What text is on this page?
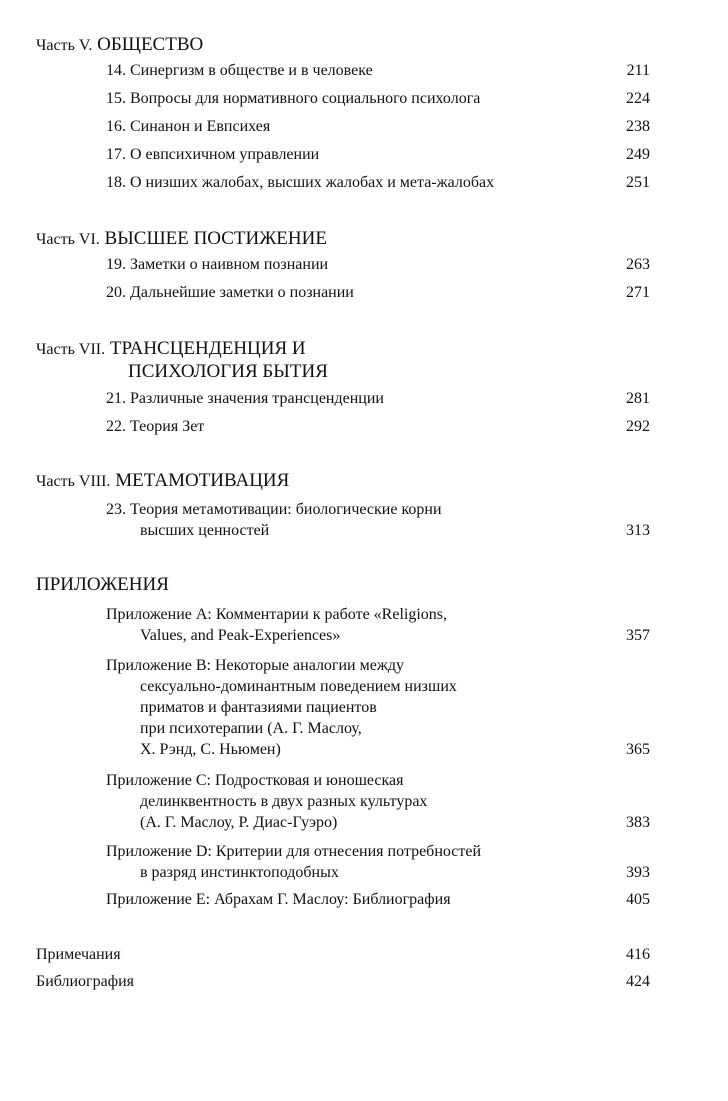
Часть V. ОБЩЕСТВО
14. Синергизм в обществе и в человеке	211
15. Вопросы для нормативного социального психолога	224
16. Синанон и Евпсихея	238
17. О евпсихичном управлении	249
18. О низших жалобах, высших жалобах и мета-жалобах	251
Часть VI. ВЫСШЕЕ ПОСТИЖЕНИЕ
19. Заметки о наивном познании	263
20. Дальнейшие заметки о познании	271
Часть VII. ТРАНСЦЕНДЕНЦИЯ И
ПСИХОЛОГИЯ БЫТИЯ
21. Различные значения трансценденции	281
22. Теория Зет	292
Часть VIII. МЕТАМОТИВАЦИЯ
23. Теория метамотивации: биологические корни
высших ценностей	313
ПРИЛОЖЕНИЯ
Приложение А: Комментарии к работе «Religions,
Values, and Peak-Experiences»	357
Приложение В: Некоторые аналогии между
сексуально-доминантным поведением низших
приматов и фантазиями пациентов
при психотерапии (А. Г. Маслоу,
X. Рэнд, С. Ньюмен)	365
Приложение С: Подростковая и юношеская
делинквентность в двух разных культурах
(А. Г. Маслоу, Р. Диас-Гуэро)	383
Приложение D: Критерии для отнесения потребностей
в разряд инстинктоподобных	393
Приложение Е: Абрахам Г. Маслоу: Библиография	405
Примечания	416
Библиография	424
